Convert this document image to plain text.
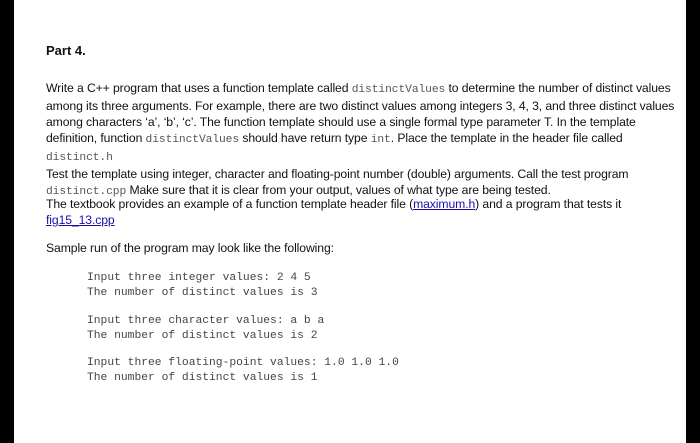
Part 4.
Write a C++ program that uses a function template called distinctValues to determine the number of distinct values among its three arguments. For example, there are two distinct values among integers 3, 4, 3, and three distinct values among characters ‘a’, ‘b’, ‘c’. The function template should use a single formal type parameter T. In the template definition, function distinctValues should have return type int. Place the template in the header file called distinct.h
Test the template using integer, character and floating-point number (double) arguments. Call the test program distinct.cpp Make sure that it is clear from your output, values of what type are being tested.
The textbook provides an example of a function template header file (maximum.h) and a program that tests it
fig15_13.cpp
Sample run of the program may look like the following:
Input three integer values: 2 4 5
The number of distinct values is 3
Input three character values: a b a
The number of distinct values is 2
Input three floating-point values: 1.0 1.0 1.0
The number of distinct values is 1
